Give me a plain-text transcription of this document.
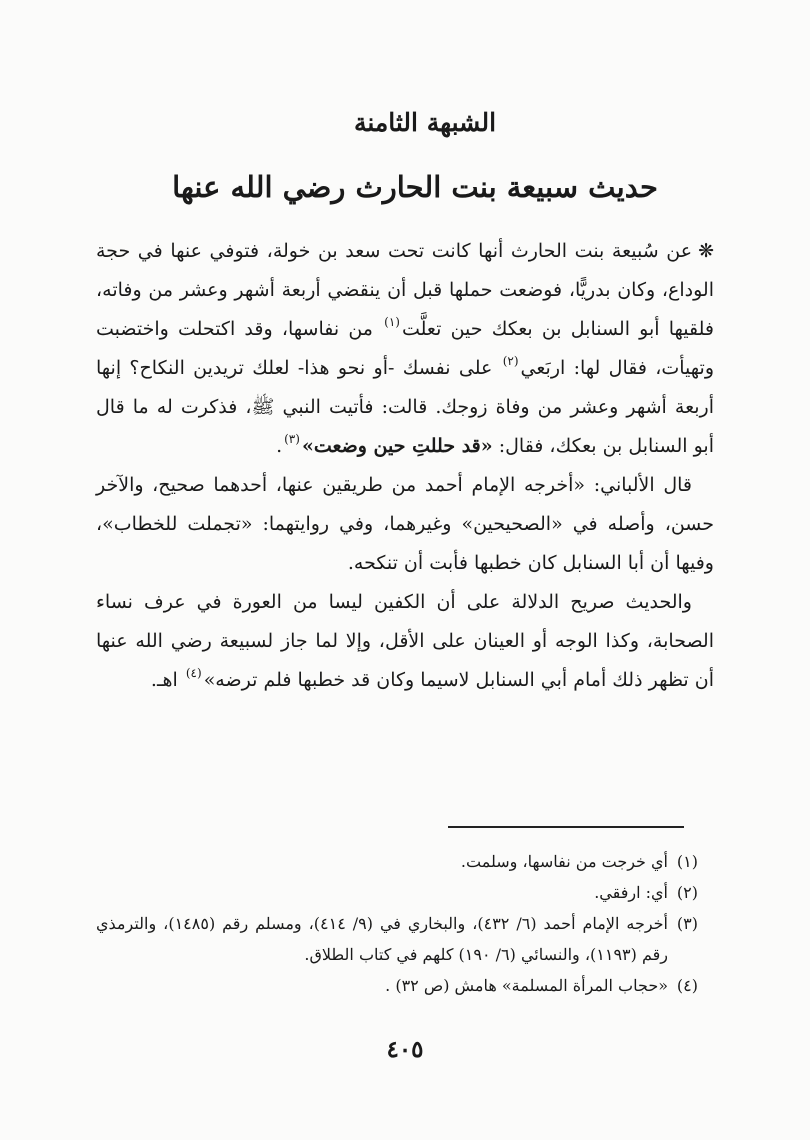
الشبهة الثامنة
حديث سبيعة بنت الحارث رضي الله عنها

❋عن سُبيعة بنت الحارث أنها كانت تحت سعد بن خولة، فتوفي عنها في حجة الوداع، وكان بدريًّا، فوضعت حملها قبل أن ينقضي أربعة أشهر وعشر من وفاته، فلقيها أبو السنابل بن بعكك حين تعلَّت$^{(١)}$ من نفاسها، وقد اكتحلت واختضبت وتهيأت، فقال لها: اربَعي$^{(٢)}$ على نفسك -أو نحو هذا- لعلك تريدين النكاح؟ إنها أربعة أشهر وعشر من وفاة زوجك. قالت: فأتيت النبي ﷺ، فذكرت له ما قال أبو السنابل بن بعكك، فقال: «قد حللتِ حين وضعت»$^{(٣)}$.

قال الألباني: «أخرجه الإمام أحمد من طريقين عنها، أحدهما صحيح، والآخر حسن، وأصله في «الصحيحين» وغيرهما، وفي روايتهما: «تجملت للخطاب»، وفيها أن أبا السنابل كان خطبها فأبت أن تنكحه.

والحديث صريح الدلالة على أن الكفين ليسا من العورة في عرف نساء الصحابة، وكذا الوجه أو العينان على الأقل، وإلا لما جاز لسبيعة رضي الله عنها أن تظهر ذلك أمام أبي السنابل لاسيما وكان قد خطبها فلم ترضه»$^{(٤)}$ اهـ.

(١)أي خرجت من نفاسها، وسلمت.

(٢)أي: ارفقي.

(٣)أخرجه الإمام أحمد (٦/ ٤٣٢)، والبخاري في (٩/ ٤١٤)، ومسلم رقم (١٤٨٥)، والترمذي رقم (١١٩٣)، والنسائي (٦/ ١٩٠) كلهم في كتاب الطلاق.

(٤)«حجاب المرأة المسلمة» هامش (ص ٣٢) .

٤٠٥
